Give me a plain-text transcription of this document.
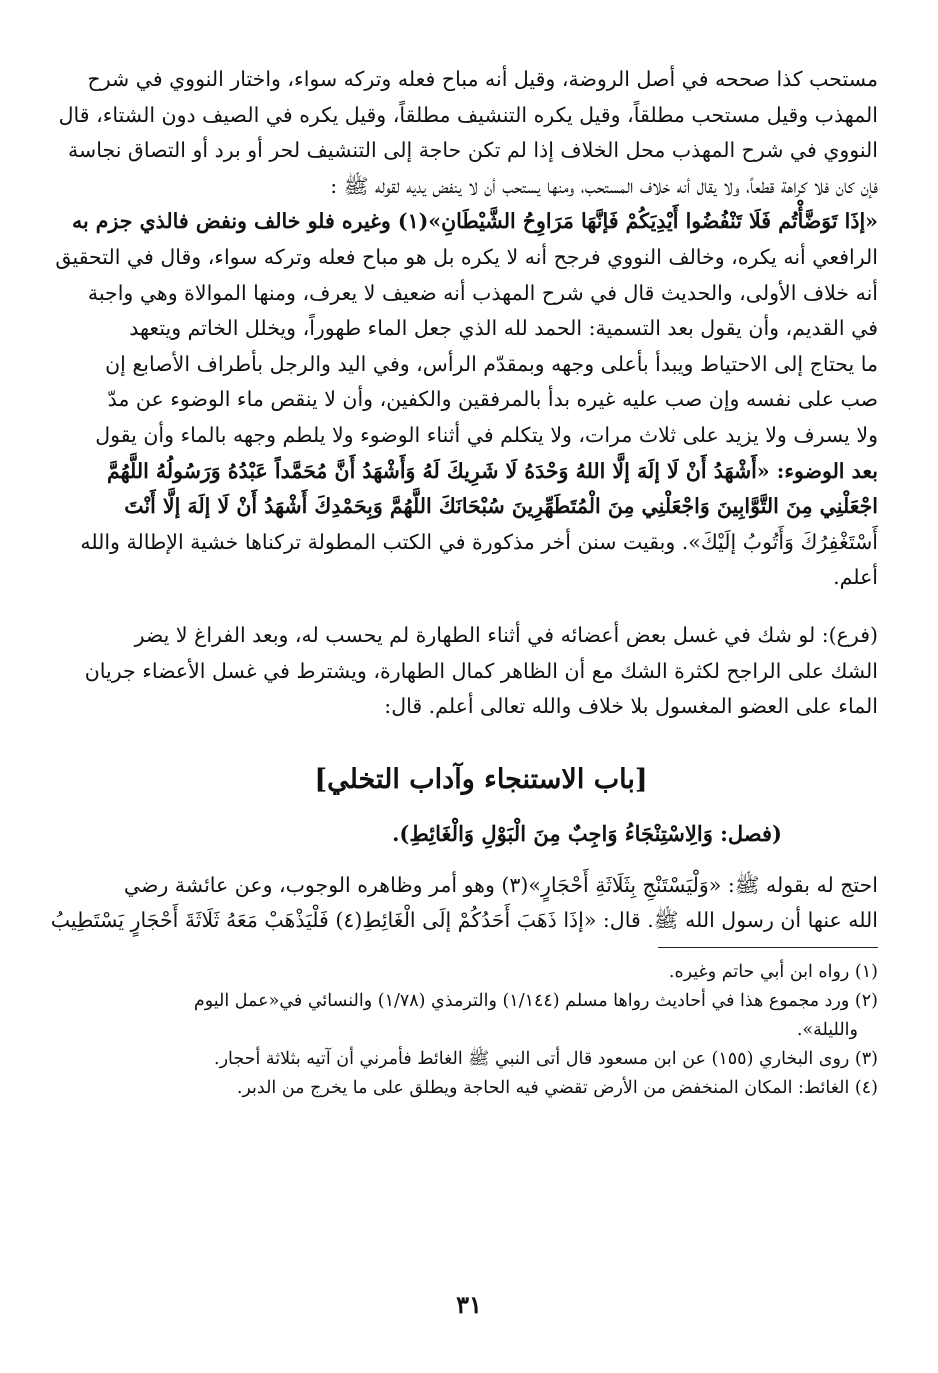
مستحب كذا صححه في أصل الروضة، وقيل أنه مباح فعله وتركه سواء، واختار النووي في شرح
المهذب وقيل مستحب مطلقاً، وقيل يكره التنشيف مطلقاً، وقيل يكره في الصيف دون الشتاء، قال
النووي في شرح المهذب محل الخلاف إذا لم تكن حاجة إلى التنشيف لحر أو برد أو التصاق نجاسة
فإن كان فلا كراهة قطعاً، ولا يقال أنه خلاف المستحب، ومنها يستحب أن لا ينفض يديه لقوله ﷺ :
«إذَا تَوَضَّأْتُم فَلَا تَنْفُضُوا أَيْدِيَكُمْ فَإنَّهَا مَرَاوِحُ الشَّيْطَانِ»(١) وغيره فلو خالف ونفض فالذي جزم به
الرافعي أنه يكره، وخالف النووي فرجح أنه لا يكره بل هو مباح فعله وتركه سواء، وقال في التحقيق
أنه خلاف الأولى، والحديث قال في شرح المهذب أنه ضعيف لا يعرف، ومنها الموالاة وهي واجبة
في القديم، وأن يقول بعد التسمية: الحمد لله الذي جعل الماء طهوراً، ويخلل الخاتم ويتعهد
ما يحتاج إلى الاحتياط ويبدأ بأعلى وجهه وبمقدّم الرأس، وفي اليد والرجل بأطراف الأصابع إن
صب على نفسه وإن صب عليه غيره بدأ بالمرفقين والكفين، وأن لا ينقص ماء الوضوء عن مدّ
ولا يسرف ولا يزيد على ثلاث مرات، ولا يتكلم في أثناء الوضوء ولا يلطم وجهه بالماء وأن يقول
بعد الوضوء: «أَشْهَدُ أَنْ لَا إلَهَ إلَّا اللهُ وَحْدَهُ لَا شَرِيكَ لَهُ وَأَشْهَدُ أَنَّ مُحَمَّداً عَبْدُهُ وَرَسُولُهُ اللَّهُمَّ
اجْعَلْنِي مِنَ التَّوَّابِينَ وَاجْعَلْنِي مِنَ الْمُتَطَهِّرِينَ سُبْحَانَكَ اللَّهُمَّ وَبِحَمْدِكَ أَشْهَدُ أَنْ لَا إلَهَ إلَّا أَنْتَ
أَسْتَغْفِرُكَ وَأَتُوبُ إلَيْكَ». وبقيت سنن أخر مذكورة في الكتب المطولة تركناها خشية الإطالة والله
أعلم.

(فرع): لو شك في غسل بعض أعضائه في أثناء الطهارة لم يحسب له، وبعد الفراغ لا يضر
الشك على الراجح لكثرة الشك مع أن الظاهر كمال الطهارة، ويشترط في غسل الأعضاء جريان
الماء على العضو المغسول بلا خلاف والله تعالى أعلم. قال:

[باب الاستنجاء وآداب التخلي]

(فصل: وَالِاسْتِنْجَاءُ وَاجِبٌ مِنَ الْبَوْلِ وَالْغَائِطِ).

احتج له بقوله ﷺ: «وَلْيَسْتَنْجِ بِثَلَاثَةِ أَحْجَارٍ»(٣) وهو أمر وظاهره الوجوب، وعن عائشة رضي
الله عنها أن رسول الله ﷺ. قال: «إذَا ذَهَبَ أَحَدُكُمْ إلَى الْغَائِطِ(٤) فَلْيَذْهَبْ مَعَهُ ثَلَاثَةَ أَحْجَارٍ يَسْتَطِيبُ

(١) رواه ابن أبي حاتم وغيره.

(٢) ورد مجموع هذا في أحاديث رواها مسلم (١/١٤٤) والترمذي (١/٧٨) والنسائي في«عمل اليوم

والليلة».

(٣) روى البخاري (١٥٥) عن ابن مسعود قال أتى النبي ﷺ الغائط فأمرني أن آتيه بثلاثة أحجار.

(٤) الغائط: المكان المنخفض من الأرض تقضي فيه الحاجة ويطلق على ما يخرج من الدبر.

٣١
